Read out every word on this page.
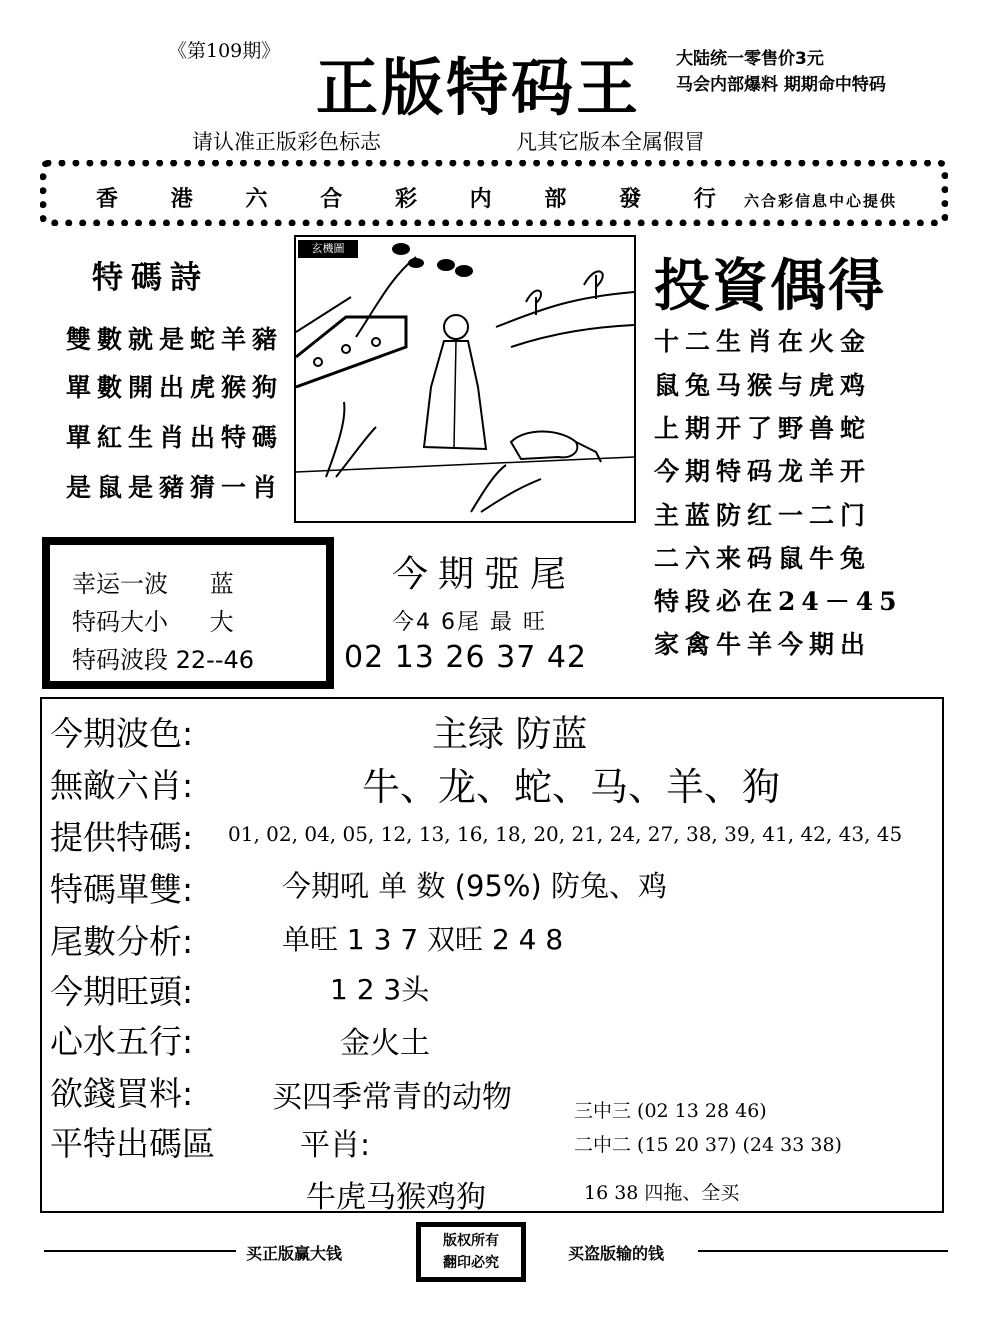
《第109期》 正版特码王 大陆统一零售价3元
马会内部爆料 期期命中特码
请认准正版彩色标志	凡其它版本全属假冒
香 港 六 合 彩 内 部 發 行 六合彩信息中心提供
特碼詩
雙數就是蛇羊豬
單數開出虎猴狗
單紅生肖出特碼
是鼠是豬猜一肖
玄機圖
投資偶得
十二生肖在火金
鼠兔马猴与虎鸡
上期开了野兽蛇
今期特码龙羊开
主蓝防红一二门
二六来码鼠牛兔
特段必在24－45
家禽牛羊今期出
幸运一波 蓝
特码大小 大
特码波段 22--46
今期弫尾
今4 6尾 最 旺
02 13 26 37 42
今期波色:	主绿 防蓝
無敵六肖:	牛、龙、蛇、马、羊、狗
提供特碼: 01, 02, 04, 05, 12, 13, 16, 18, 20, 21, 24, 27, 38, 39, 41, 42, 43, 45
特碼單雙:	今期吼 单 数 (95%) 防兔、鸡
尾數分析:	单旺 1 3 7 双旺 2 4 8
今期旺頭:	1 2 3头
心水五行:	金火土
欲錢買料:	买四季常青的动物
平特出碼區	平肖:
牛虎马猴鸡狗
三中三 (02 13 28 46)
二中二 (15 20 37) (24 33 38)
16 38 四拖、全买
买正版赢大钱
版权所有
翻印必究	买盗版输的钱
